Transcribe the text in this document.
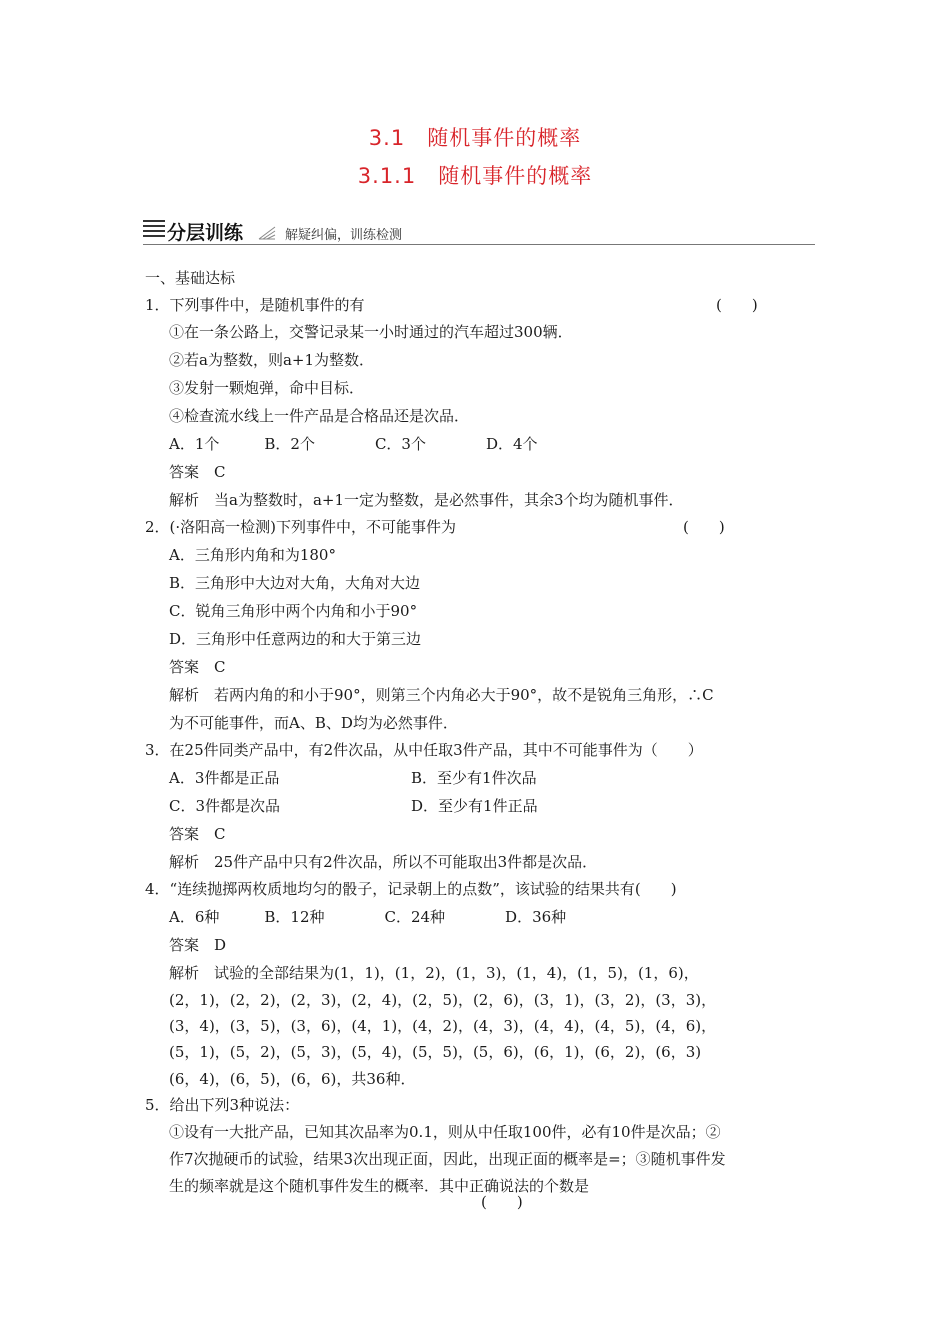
3.1　随机事件的概率
3.1.1　随机事件的概率
分层训练	解疑纠偏，训练检测
一、基础达标
1．下列事件中，是随机事件的有
①在一条公路上，交警记录某一小时通过的汽车超过300辆．
②若a为整数，则a+1为整数．
③发射一颗炮弹，命中目标．
④检查流水线上一件产品是合格品还是次品．
A．1个　　　B．2个　　　　C．3个　　　　D．4个
答案　C
解析　当a为整数时，a+1一定为整数，是必然事件，其余3个均为随机事件．
2．(·洛阳高一检测)下列事件中，不可能事件为
A．三角形内角和为180°
B．三角形中大边对大角，大角对大边
C．锐角三角形中两个内角和小于90°
D．三角形中任意两边的和大于第三边
答案　C
解析　若两内角的和小于90°，则第三个内角必大于90°，故不是锐角三角形，∴C
为不可能事件，而A、B、D均为必然事件．
3．在25件同类产品中，有2件次品，从中任取3件产品，其中不可能事件为（　　）
A．3件都是正品
C．3件都是次品
答案　C
解析　25件产品中只有2件次品，所以不可能取出3件都是次品．
4．“连续抛掷两枚质地均匀的骰子，记录朝上的点数”，该试验的结果共有(　　)
A．6种　　　B．12种　　　　C．24种　　　　D．36种
答案　D
解析　试验的全部结果为(1，1)，(1，2)，(1，3)，(1，4)，(1，5)，(1，6)，
(2，1)，(2，2)，(2，3)，(2，4)，(2，5)，(2，6)，(3，1)，(3，2)，(3，3)，
(3，4)，(3，5)，(3，6)，(4，1)，(4，2)，(4，3)，(4，4)，(4，5)，(4，6)，
(5，1)，(5，2)，(5，3)，(5，4)，(5，5)，(5，6)，(6，1)，(6，2)，(6，3)
(6，4)，(6，5)，(6，6)，共36种．
5．给出下列3种说法：
①设有一大批产品，已知其次品率为0.1，则从中任取100件，必有10件是次品；②
作7次抛硬币的试验，结果3次出现正面，因此，出现正面的概率是=；③随机事件发
生的频率就是这个随机事件发生的概率．其中正确说法的个数是
B．至少有1件次品
D．至少有1件正品
(　　)
(　　)
(　　)
